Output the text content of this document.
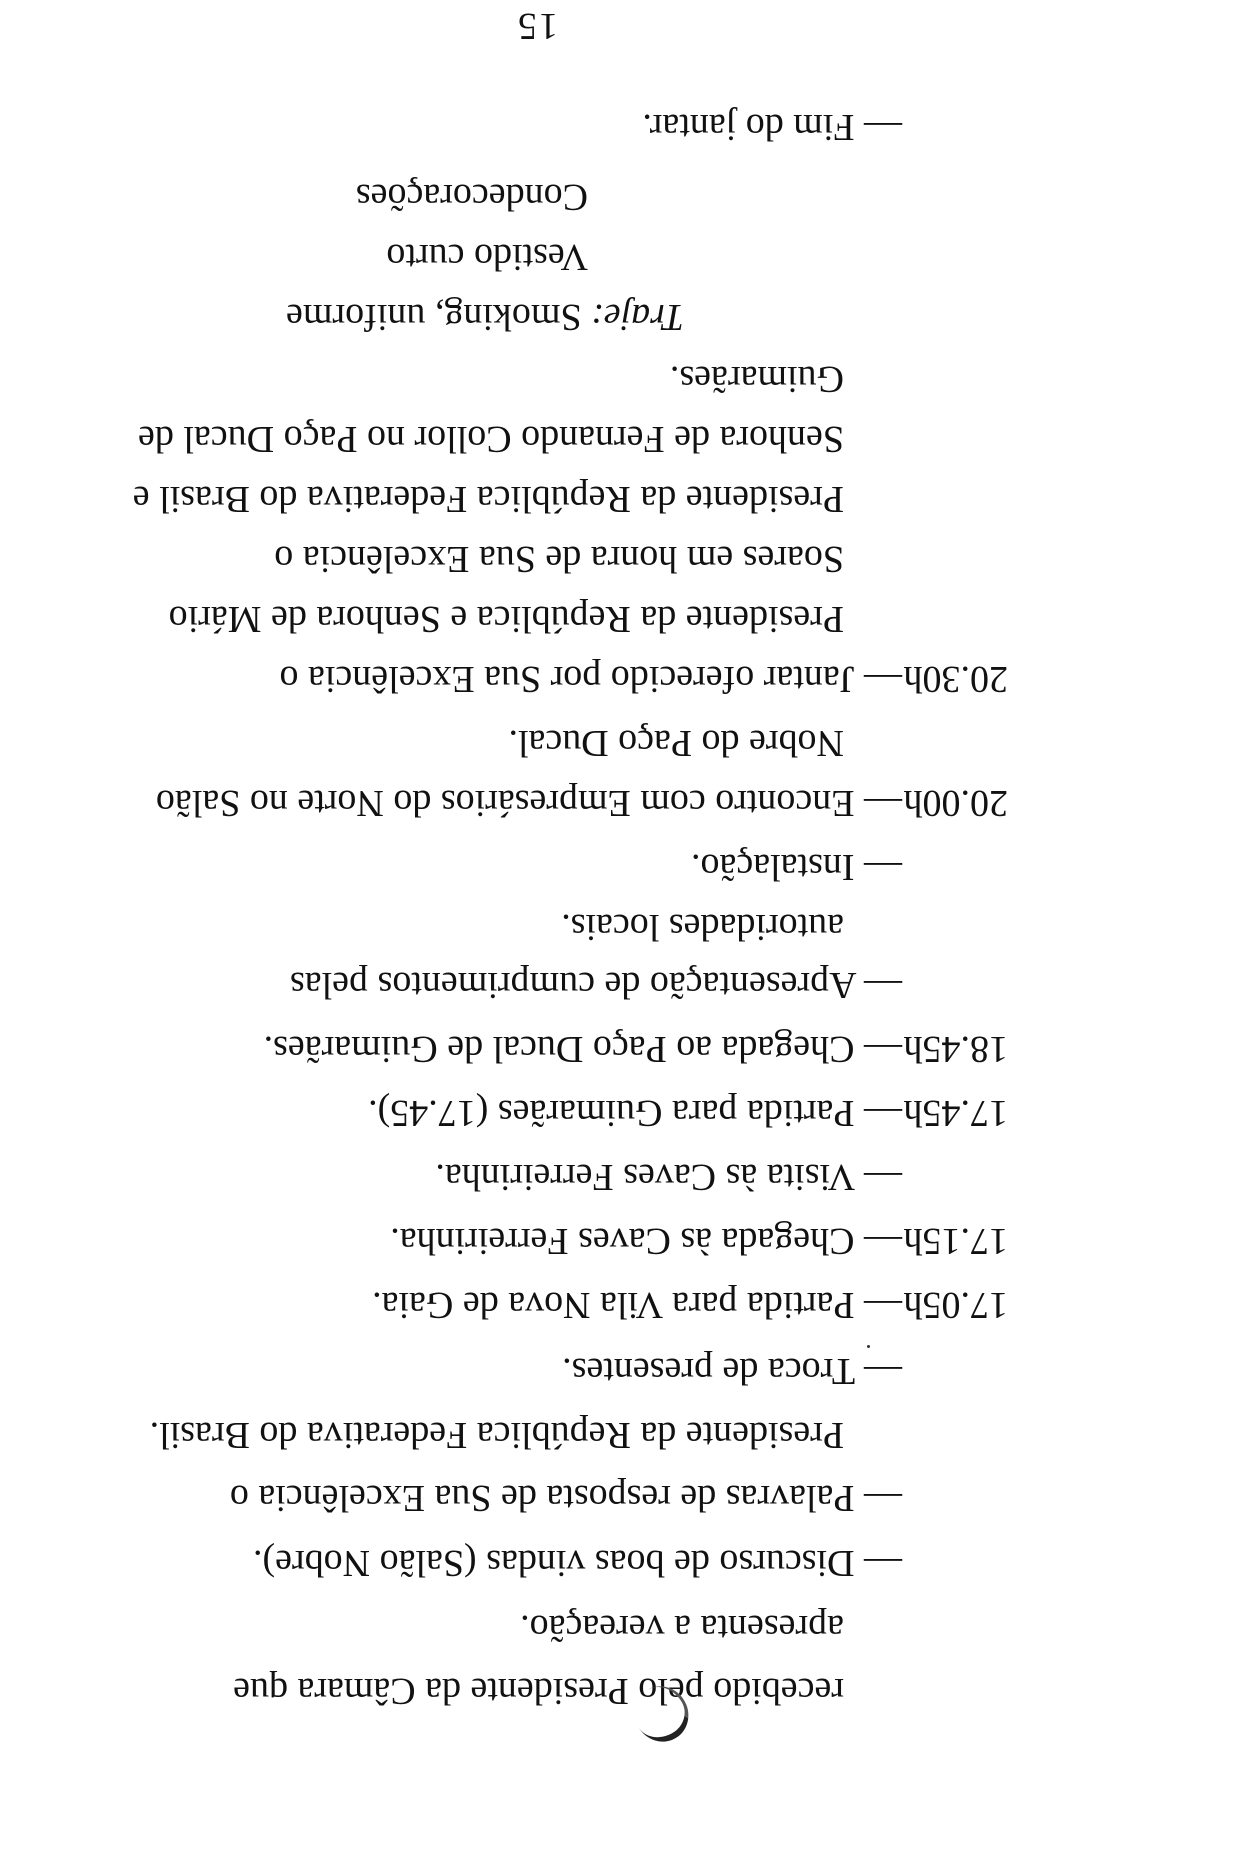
recebido pelo Presidente da Câmara que
apresenta a vereação.
— Discurso de boas vindas (Salão Nobre).
— Palavras de resposta de Sua Excelência o
Presidente da República Federativa do Brasil.
— Troca de presentes.
17.05h
— Partida para Vila Nova de Gaia.
17.15h
— Chegada às Caves Ferreirinha.
— Visita às Caves Ferreirinha.
17.45h
— Partida para Guimarães (17.45).
18.45h
— Chegada ao Paço Ducal de Guimarães.
— Apresentação de cumprimentos pelas
autoridades locais.
— Instalação.
20.00h
— Encontro com Empresários do Norte no Salão
Nobre do Paço Ducal.
20.30h
— Jantar oferecido por Sua Excelência o
Presidente da República e Senhora de Mário
Soares em honra de Sua Excelência o
Presidente da República Federativa do Brasil e
Senhora de Fernando Collor no Paço Ducal de
Guimarães.
Traje: Smoking, uniforme
15
Vestido curto
Condecorações
— Fim do jantar.
